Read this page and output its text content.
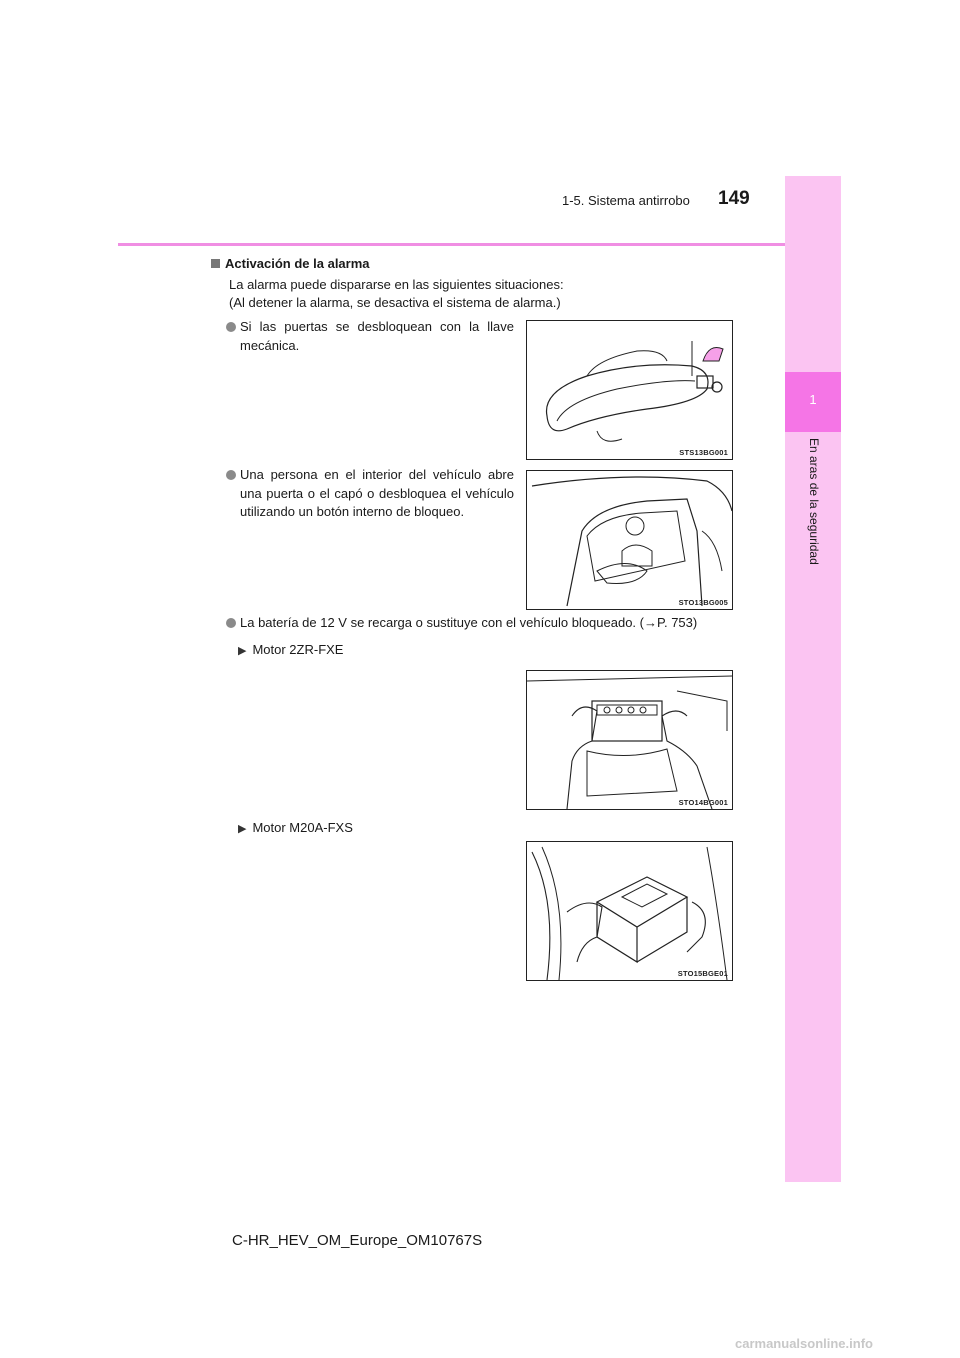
1
En aras de la seguridad
1-5. Sistema antirrobo 149
Activación de la alarma
La alarma puede dispararse en las siguientes situaciones:
(Al detener la alarma, se desactiva el sistema de alarma.)
Si las puertas se desbloquean con la llave mecánica.
STS13BG001
Una persona en el interior del vehículo abre una puerta o el capó o desbloquea el vehículo utilizando un botón interno de bloqueo.
STO13BG005
La batería de 12 V se recarga o sustituye con el vehículo bloqueado. (→P. 753)
▶ Motor 2ZR-FXE
STO14BG001
▶ Motor M20A-FXS
STO15BGE01
C-HR_HEV_OM_Europe_OM10767S
carmanualsonline.info
